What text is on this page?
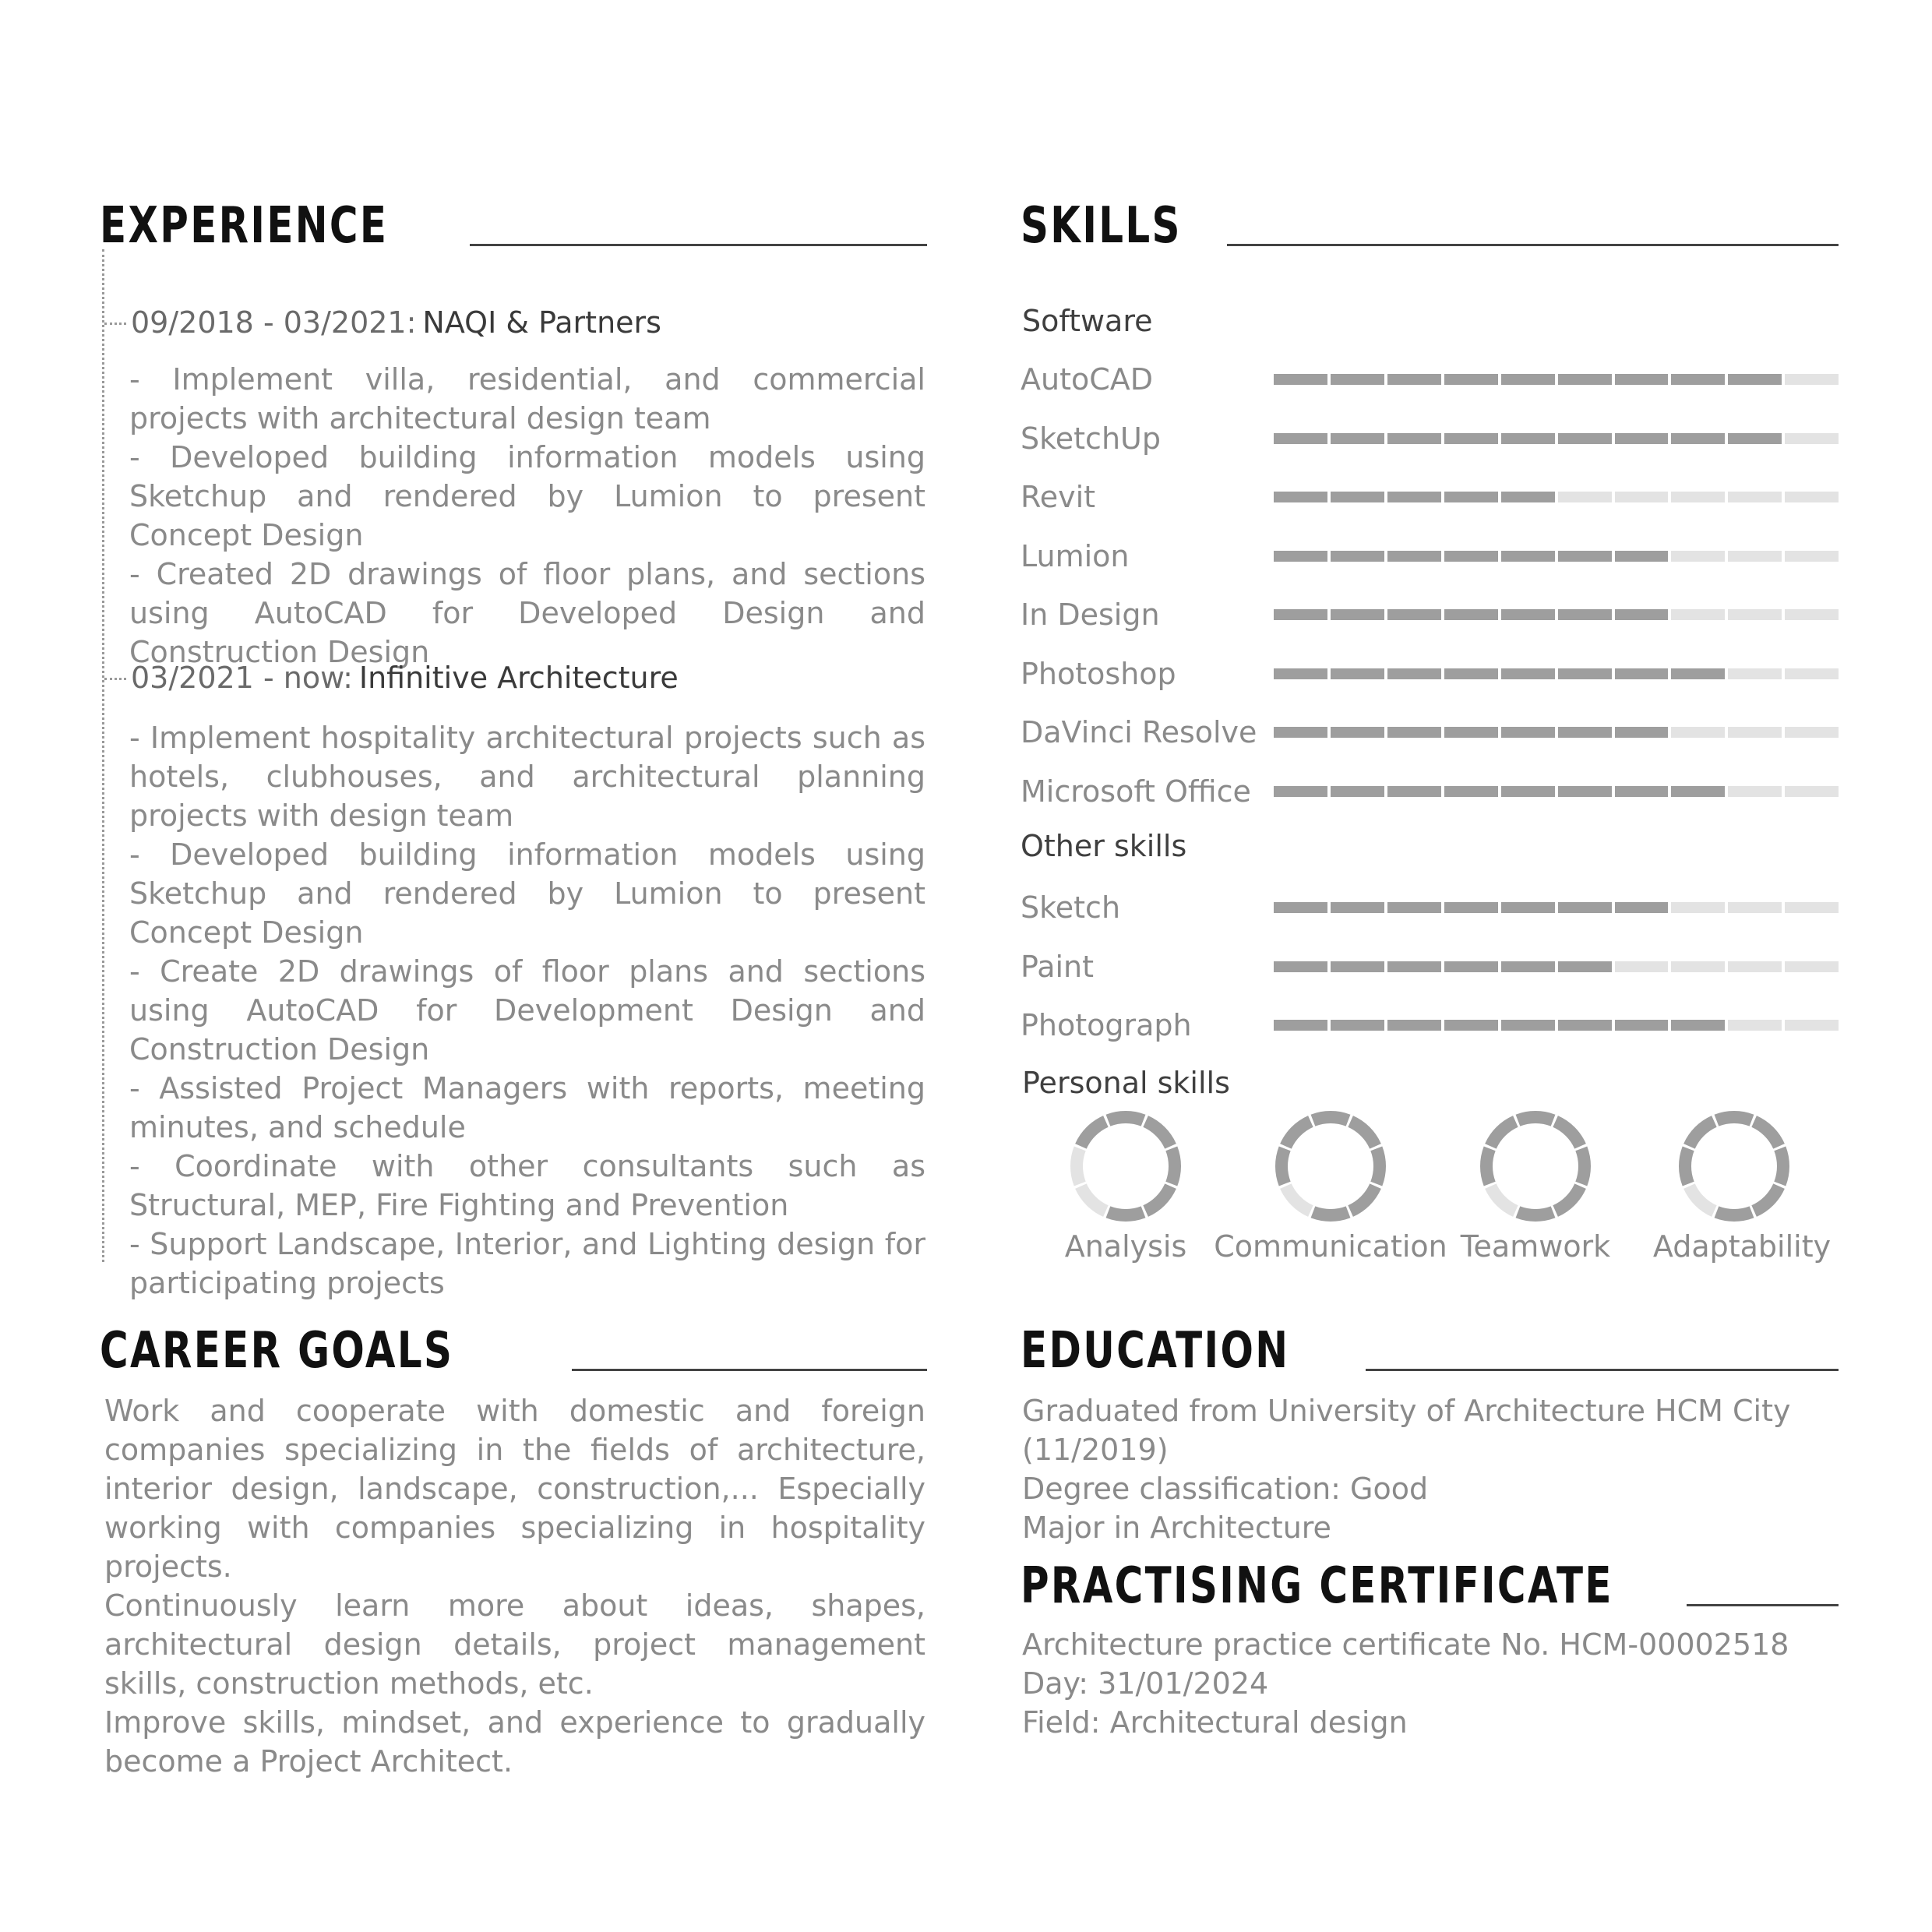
EXPERIENCE
09/2018 - 03/2021: NAQI & Partners

- Implement villa, residential, and commercial projects with architectural design team

- Developed building information models using Sketchup and rendered by Lumion to present Concept Design

- Created 2D drawings of floor plans, and sections using AutoCAD for Developed Design and Construction Design

03/2021 - now: Infinitive Architecture

- Implement hospitality architectural projects such as hotels, clubhouses, and architectural planning projects with design team

- Developed building information models using Sketchup and rendered by Lumion to present Concept Design

- Create 2D drawings of floor plans and sections using AutoCAD for Development Design and Construction Design

- Assisted Project Managers with reports, meeting minutes, and schedule

- Coordinate with other consultants such as Structural, MEP, Fire Fighting and Prevention

- Support Landscape, Interior, and Lighting design for participating projects

CAREER GOALS

Work and cooperate with domestic and foreign companies specializing in the fields of architecture, interior design, landscape, construction,... Especially working with companies specializing in hospitality projects.

Continuously learn more about ideas, shapes, architectural design details, project management skills, construction methods, etc.

Improve skills, mindset, and experience to gradually become a Project Architect.

SKILLS
Software
AutoCAD
SketchUp
Revit
Lumion
In Design
Photoshop
DaVinci Resolve
Microsoft Office
Other skills
Sketch
Paint
Photograph
Personal skills
Analysis Communication Teamwork	Adaptability
EDUCATION

Graduated from University of Architecture HCM City (11/2019)

Degree classification: Good

Major in Architecture

PRACTISING CERTIFICATE

Architecture practice certificate No. HCM-00002518

Day: 31/01/2024

Field: Architectural design
